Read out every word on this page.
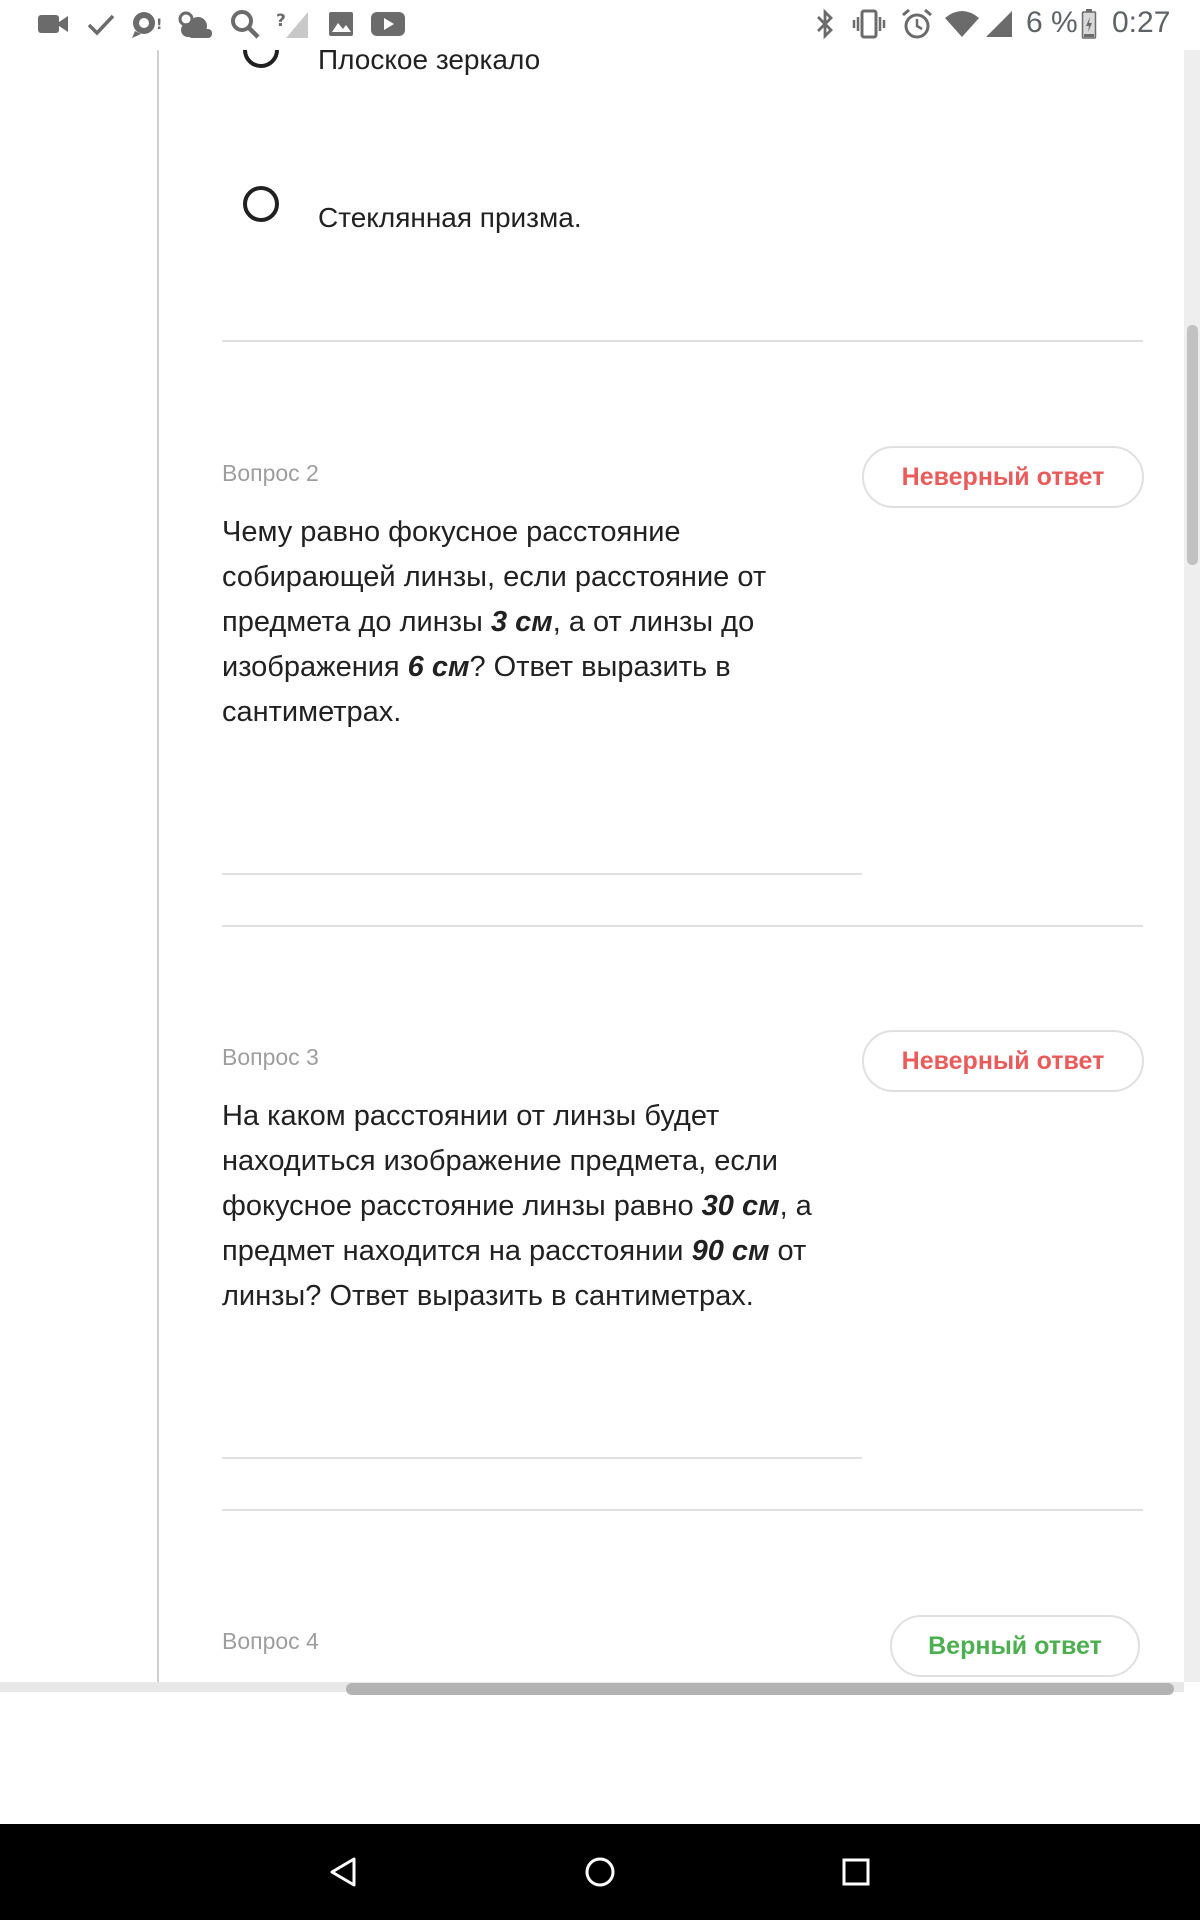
!	?	6 % 0:27
Плоское зеркало
Стеклянная призма.
Вопрос 2	Неверный ответ
Чему равно фокусное расстояние собирающей линзы, если расстояние от предмета до линзы 3 см, а от линзы до изображения 6 см? Ответ выразить в сантиметрах.
Вопрос 3	Неверный ответ
На каком расстоянии от линзы будет находиться изображение предмета, если фокусное расстояние линзы равно 30 см, а предмет находится на расстоянии 90 см от линзы? Ответ выразить в сантиметрах.
Вопрос 4	Верный ответ
